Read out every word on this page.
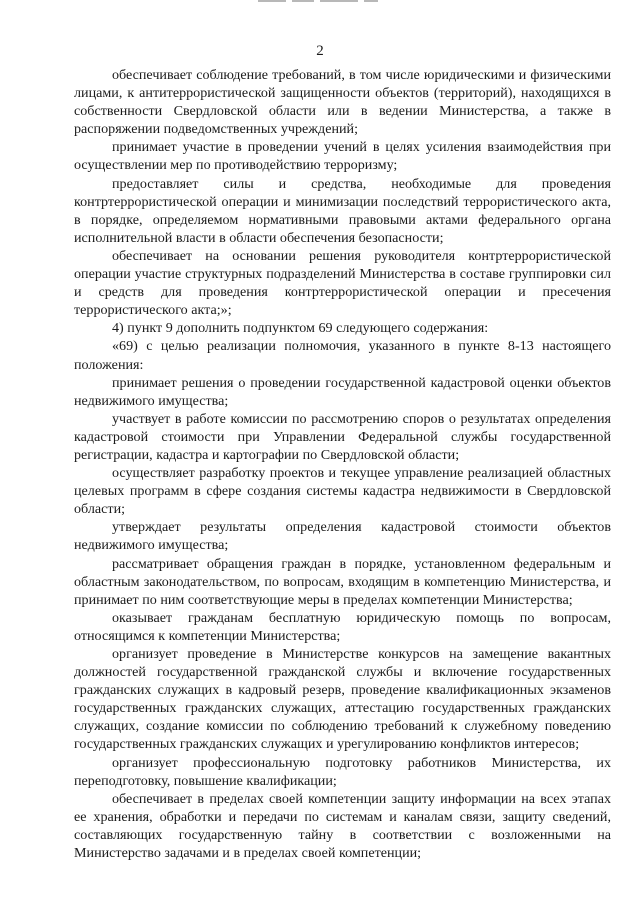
2

обеспечивает соблюдение требований, в том числе юридическими и физическими лицами, к антитеррористической защищенности объектов (территорий), находящихся в собственности Свердловской области или в ведении Министерства, а также в распоряжении подведомственных учреждений;

принимает участие в проведении учений в целях усиления взаимодействия при осуществлении мер по противодействию терроризму;

предоставляет силы и средства, необходимые для проведения контртеррористической операции и минимизации последствий террористического акта, в порядке, определяемом нормативными правовыми актами федерального органа исполнительной власти в области обеспечения безопасности;

обеспечивает на основании решения руководителя контртеррористической операции участие структурных подразделений Министерства в составе группировки сил и средств для проведения контртеррористической операции и пресечения террористического акта;»;

4) пункт 9 дополнить подпунктом 69 следующего содержания:

«69) с целью реализации полномочия, указанного в пункте 8-13 настоящего положения:

принимает решения о проведении государственной кадастровой оценки объектов недвижимого имущества;

участвует в работе комиссии по рассмотрению споров о результатах определения кадастровой стоимости при Управлении Федеральной службы государственной регистрации, кадастра и картографии по Свердловской области;

осуществляет разработку проектов и текущее управление реализацией областных целевых программ в сфере создания системы кадастра недвижимости в Свердловской области;

утверждает результаты определения кадастровой стоимости объектов недвижимого имущества;

рассматривает обращения граждан в порядке, установленном федеральным и областным законодательством, по вопросам, входящим в компетенцию Министерства, и принимает по ним соответствующие меры в пределах компетенции Министерства;

оказывает гражданам бесплатную юридическую помощь по вопросам, относящимся к компетенции Министерства;

организует проведение в Министерстве конкурсов на замещение вакантных должностей государственной гражданской службы и включение государственных гражданских служащих в кадровый резерв, проведение квалификационных экзаменов государственных гражданских служащих, аттестацию государственных гражданских служащих, создание комиссии по соблюдению требований к служебному поведению государственных гражданских служащих и урегулированию конфликтов интересов;

организует профессиональную подготовку работников Министерства, их переподготовку, повышение квалификации;

обеспечивает в пределах своей компетенции защиту информации на всех этапах ее хранения, обработки и передачи по системам и каналам связи, защиту сведений, составляющих государственную тайну в соответствии с возложенными на Министерство задачами и в пределах своей компетенции;
